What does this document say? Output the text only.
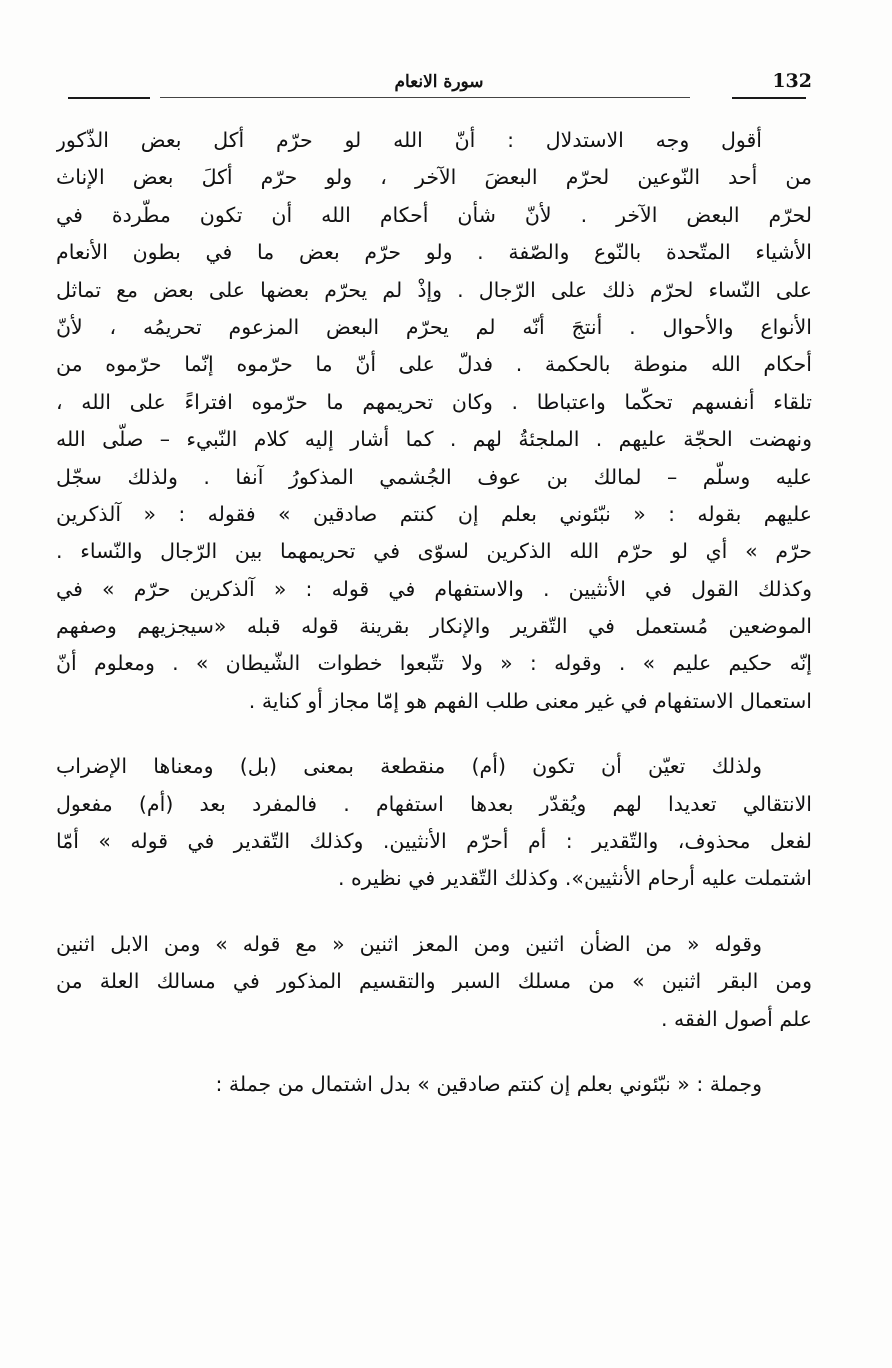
132
سورة الانعام

أقول وجه الاستدلال : أنّ الله لو حرّم أكل بعض الذّكور
من أحد النّوعين لحرّم البعضَ الآخر ، ولو حرّم أكلَ بعض الإناث
لحرّم البعض الآخر . لأنّ شأن أحكام الله أن تكون مطّردة في
الأشياء المتّحدة بالنّوع والصّفة . ولو حرّم بعض ما في بطون الأنعام
على النّساء لحرّم ذلك على الرّجال . وإذْ لم يحرّم بعضها على بعض مع تماثل
الأنواع والأحوال . أنتجَ أنّه لم يحرّم البعض المزعوم تحريمُه ، لأنّ
أحكام الله منوطة بالحكمة . فدلّ على أنّ ما حرّموه إنّما حرّموه من
تلقاء أنفسهم تحكّما واعتباطا . وكان تحريمهم ما حرّموه افتراءً على الله ،
ونهضت الحجّة عليهم . الملجئةُ لهم . كما أشار إليه كلام النّبيء – صلّى الله
عليه وسلّم – لمالك بن عوف الجُشمي المذكورُ آنفا . ولذلك سجّل
عليهم بقوله : « نبّئوني بعلم إن كنتم صادقين » فقوله : « آلذكرين
حرّم » أي لو حرّم الله الذكرين لسوّى في تحريمهما بين الرّجال والنّساء .
وكذلك القول في الأنثيين . والاستفهام في قوله : « آلذكرين حرّم » في
الموضعين مُستعمل في التّقرير والإنكار بقرينة قوله قبله «سيجزيهم وصفهم
إنّه حكيم عليم » . وقوله : « ولا تتّبعوا خطوات الشّيطان » . ومعلوم أنّ
استعمال الاستفهام في غير معنى طلب الفهم هو إمّا مجاز أو كناية .

ولذلك تعيّن أن تكون (أم) منقطعة بمعنى (بل) ومعناها الإضراب
الانتقالي تعديدا لهم ويُقدّر بعدها استفهام . فالمفرد بعد (أم) مفعول
لفعل محذوف، والتّقدير : أم أحرّم الأنثيين. وكذلك التّقدير في قوله » أمّا
اشتملت عليه أرحام الأنثيين». وكذلك التّقدير في نظيره .

وقوله « من الضأن اثنين ومن المعز اثنين « مع قوله » ومن الابل اثنين
ومن البقر اثنين » من مسلك السبر والتقسيم المذكور في مسالك العلة من
علم أصول الفقه .

وجملة : « نبّئوني بعلم إن كنتم صادقين » بدل اشتمال من جملة :
